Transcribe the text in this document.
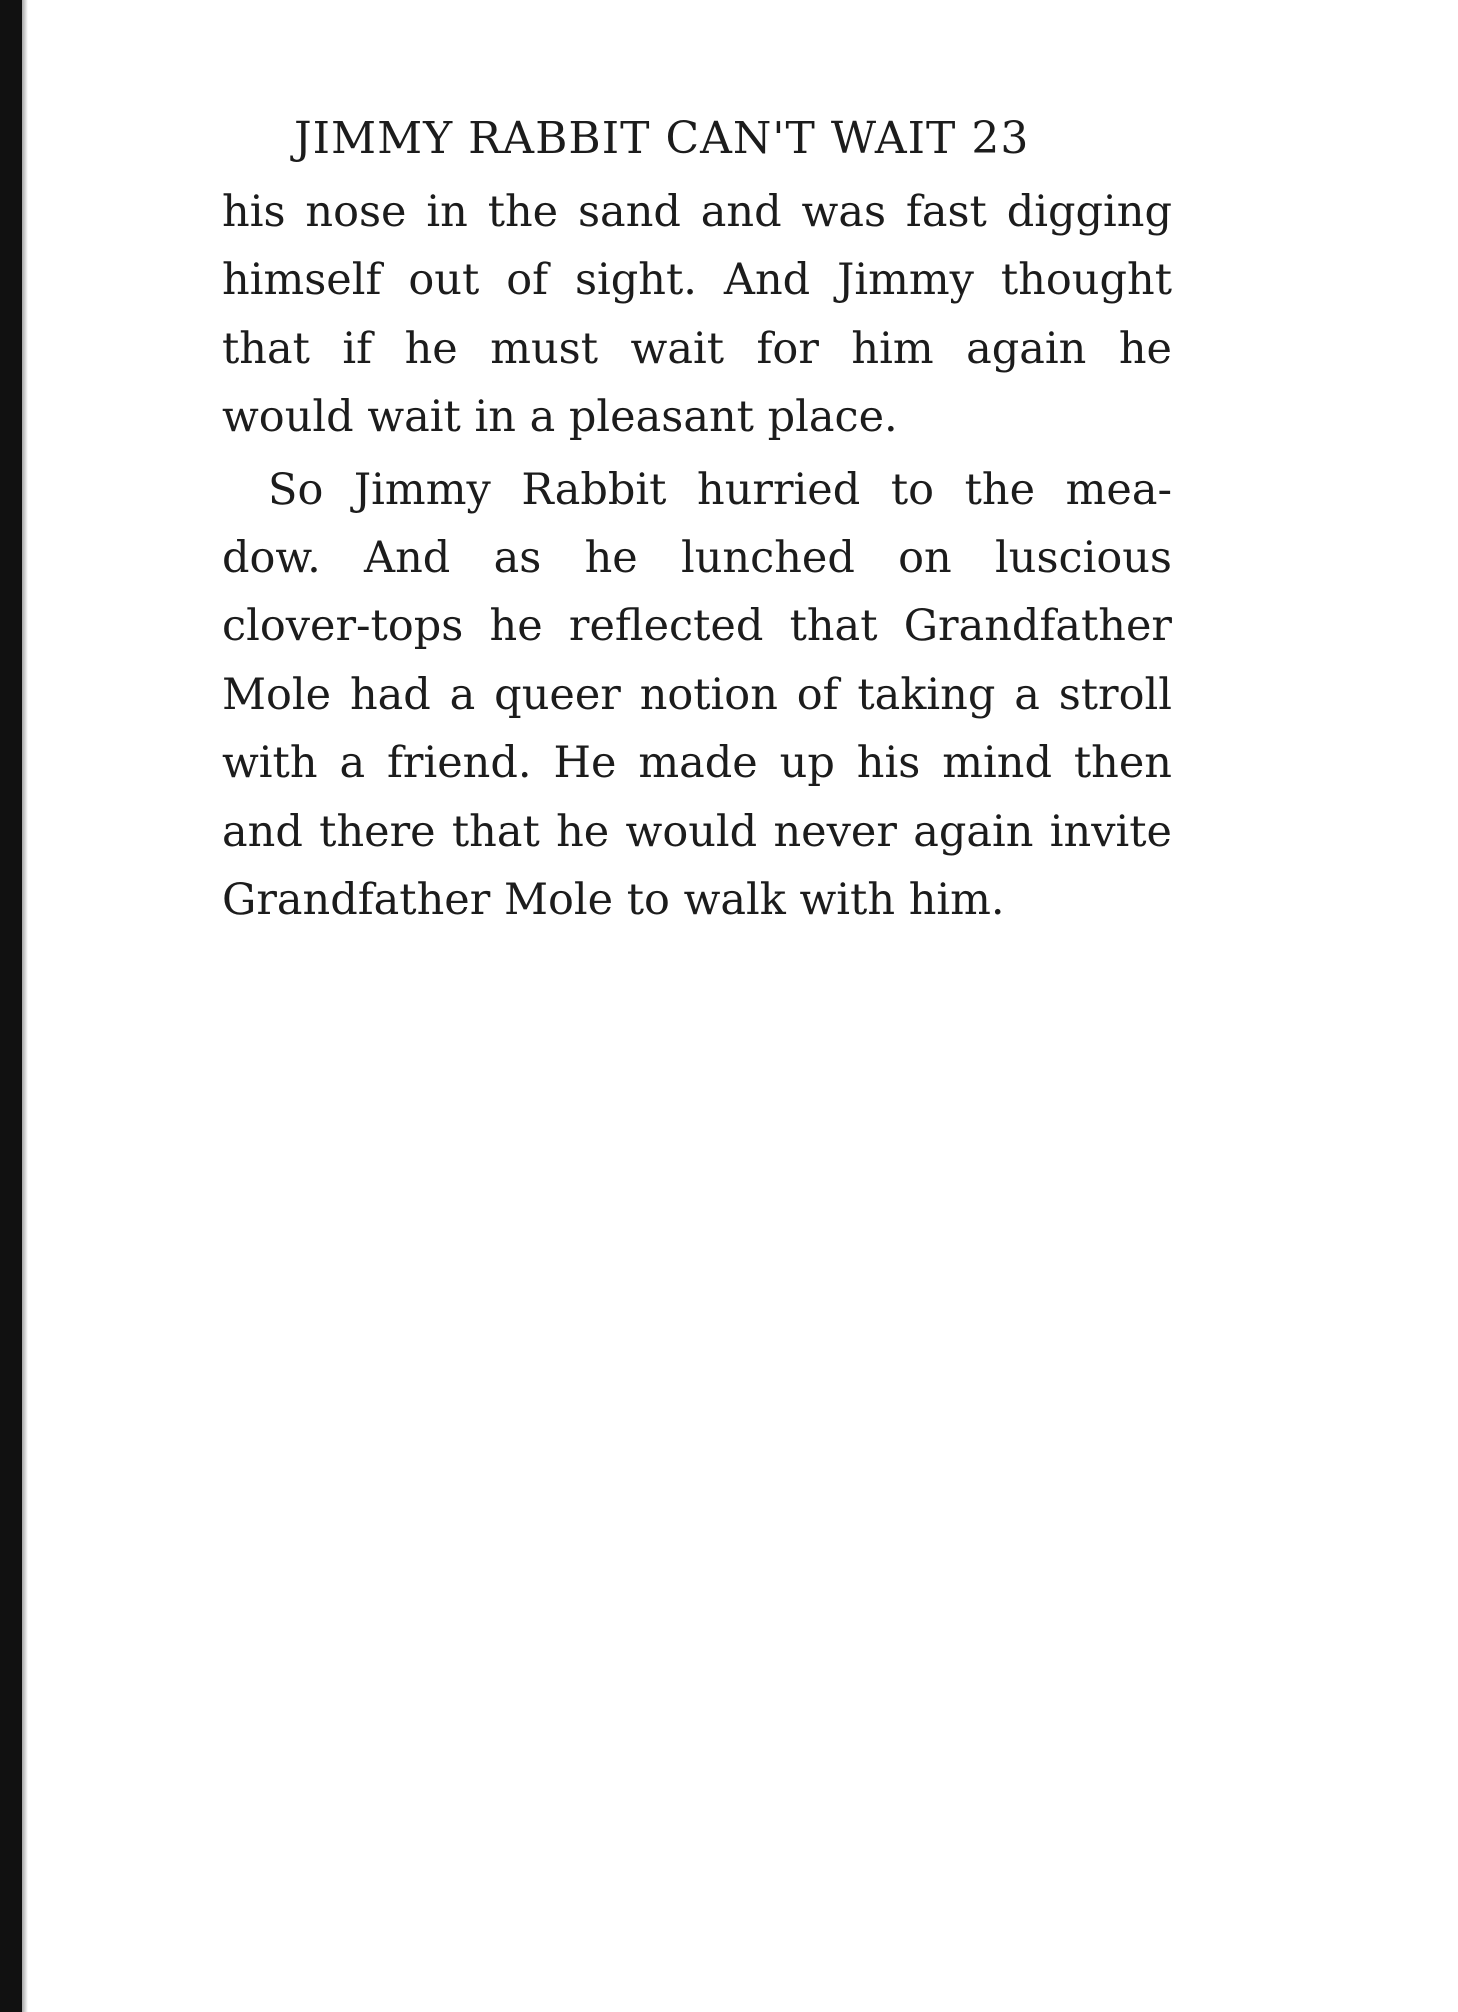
JIMMY RABBIT CAN'T WAIT 23

his nose in the sand and was fast digging
himself out of sight. And Jimmy thought
that if he must wait for him again he
would wait in a pleasant place.

So Jimmy Rabbit hurried to the mea-
dow. And as he lunched on luscious
clover-tops he reflected that Grandfather
Mole had a queer notion of taking a stroll
with a friend. He made up his mind then
and there that he would never again invite
Grandfather Mole to walk with him.
